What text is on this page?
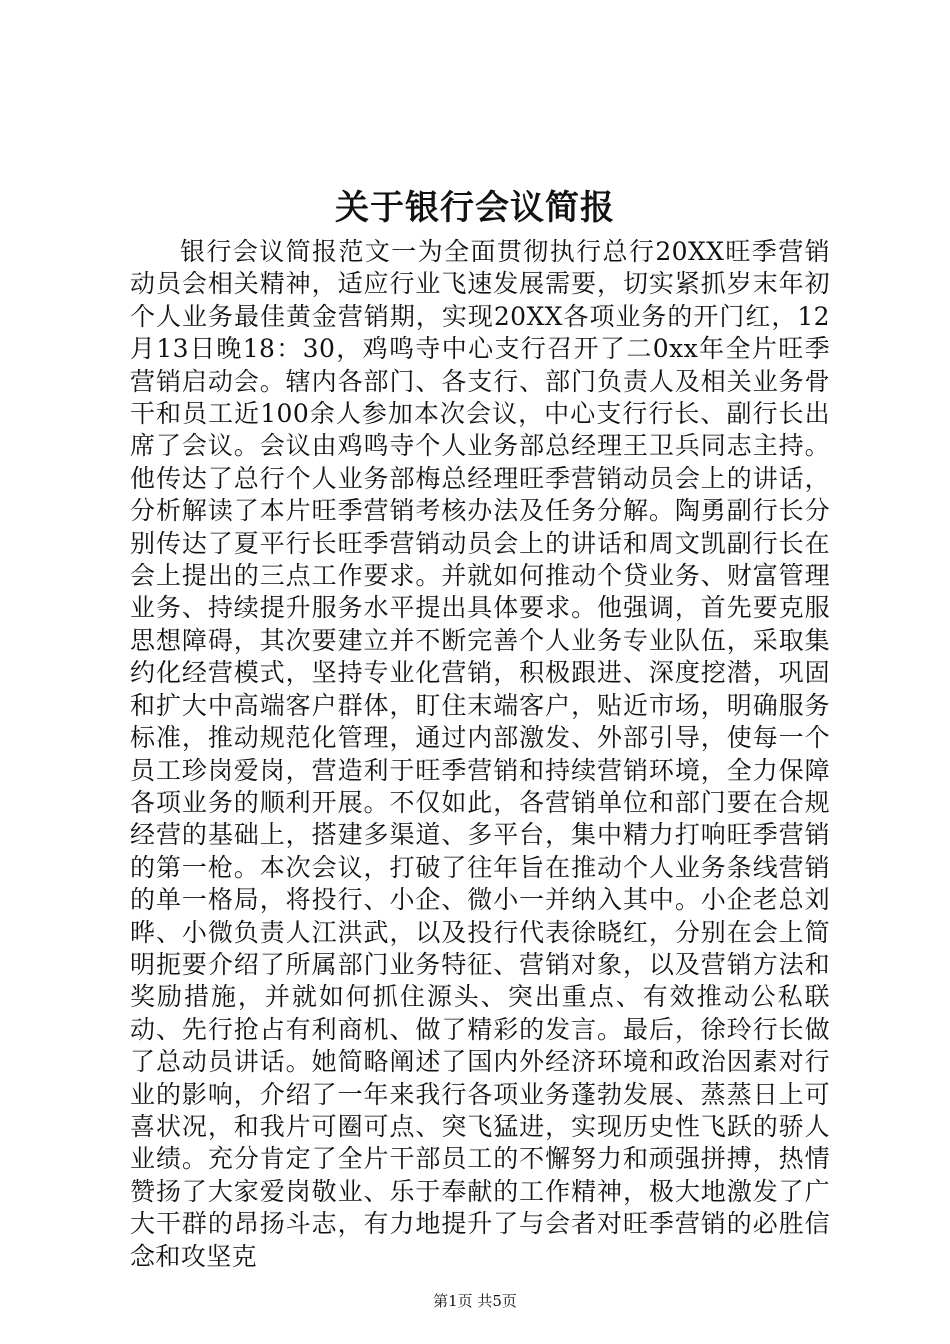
关于银行会议简报

银行会议简报范文一为全面贯彻执行总行20XX旺季营销动员会相关精神，适应行业飞速发展需要，切实紧抓岁末年初个人业务最佳黄金营销期，实现20XX各项业务的开门红，12月13日晚18：30，鸡鸣寺中心支行召开了二0xx年全片旺季营销启动会。辖内各部门、各支行、部门负责人及相关业务骨干和员工近100余人参加本次会议，中心支行行长、副行长出席了会议。会议由鸡鸣寺个人业务部总经理王卫兵同志主持。他传达了总行个人业务部梅总经理旺季营销动员会上的讲话，分析解读了本片旺季营销考核办法及任务分解。陶勇副行长分别传达了夏平行长旺季营销动员会上的讲话和周文凯副行长在会上提出的三点工作要求。并就如何推动个贷业务、财富管理业务、持续提升服务水平提出具体要求。他强调，首先要克服思想障碍，其次要建立并不断完善个人业务专业队伍，采取集约化经营模式，坚持专业化营销，积极跟进、深度挖潜，巩固和扩大中高端客户群体，盯住末端客户，贴近市场，明确服务标准，推动规范化管理，通过内部激发、外部引导，使每一个员工珍岗爱岗，营造利于旺季营销和持续营销环境，全力保障各项业务的顺利开展。不仅如此，各营销单位和部门要在合规经营的基础上，搭建多渠道、多平台，集中精力打响旺季营销的第一枪。本次会议，打破了往年旨在推动个人业务条线营销的单一格局，将投行、小企、微小一并纳入其中。小企老总刘晔、小微负责人江洪武，以及投行代表徐晓红，分别在会上简明扼要介绍了所属部门业务特征、营销对象，以及营销方法和奖励措施，并就如何抓住源头、突出重点、有效推动公私联动、先行抢占有利商机、做了精彩的发言。最后，徐玲行长做了总动员讲话。她简略阐述了国内外经济环境和政治因素对行业的影响，介绍了一年来我行各项业务蓬勃发展、蒸蒸日上可喜状况，和我片可圈可点、突飞猛进，实现历史性飞跃的骄人业绩。充分肯定了全片干部员工的不懈努力和顽强拼搏，热情赞扬了大家爱岗敬业、乐于奉献的工作精神，极大地激发了广大干群的昂扬斗志，有力地提升了与会者对旺季营销的必胜信念和攻坚克

第1页 共5页
